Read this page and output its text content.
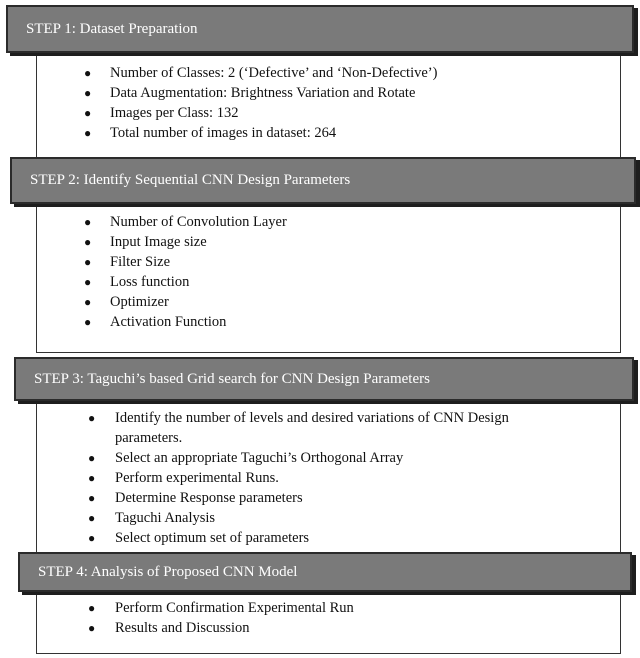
STEP 1: Dataset Preparation
● Number of Classes: 2 (‘Defective’ and ‘Non-Defective’)
● Data Augmentation: Brightness Variation and Rotate
● Images per Class: 132
● Total number of images in dataset: 264
STEP 2: Identify Sequential CNN Design Parameters
● Number of Convolution Layer
● Input Image size
● Filter Size
● Loss function
● Optimizer
● Activation Function
STEP 3: Taguchi’s based Grid search for CNN Design Parameters
● Identify the number of levels and desired variations of CNN Design parameters.
● Select an appropriate Taguchi’s Orthogonal Array
● Perform experimental Runs.
● Determine Response parameters
● Taguchi Analysis
● Select optimum set of parameters
STEP 4: Analysis of Proposed CNN Model
● Perform Confirmation Experimental Run
● Results and Discussion
